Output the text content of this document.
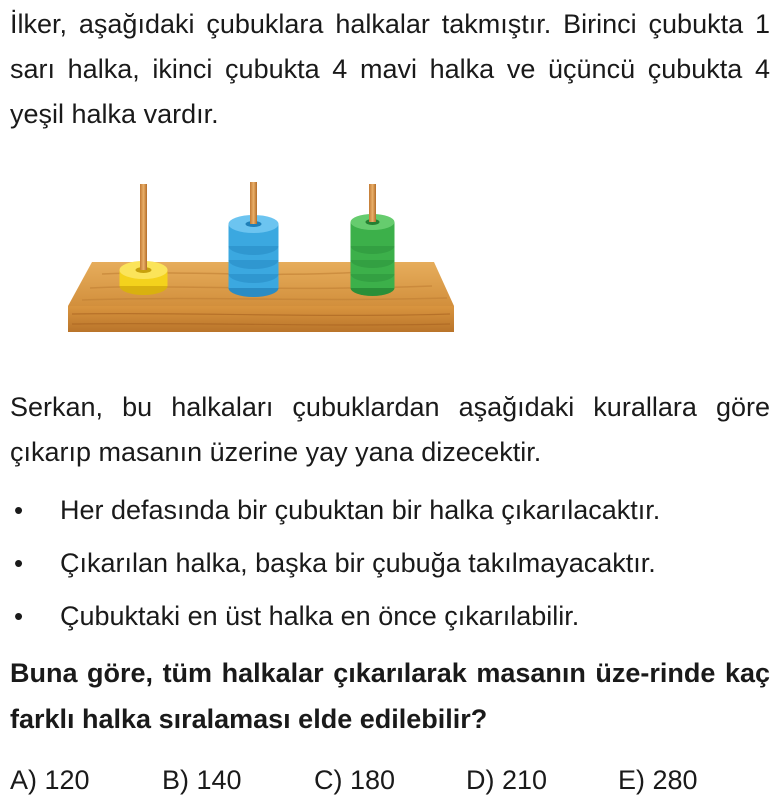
İlker, aşağıdaki çubuklara halkalar takmıştır. Birinci çubukta 1 sarı halka, ikinci çubukta 4 mavi halka ve üçüncü çubukta 4 yeşil halka vardır.
Serkan, bu halkaları çubuklardan aşağıdaki kurallara göre çıkarıp masanın üzerine yay yana dizecektir.
• Her defasında bir çubuktan bir halka çıkarılacaktır.
• Çıkarılan halka, başka bir çubuğa takılmayacaktır.
• Çubuktaki en üst halka en önce çıkarılabilir.
Buna göre, tüm halkalar çıkarılarak masanın üze-rinde kaç farklı halka sıralaması elde edilebilir?
A) 120	B) 140	C) 180	D) 210	E) 280
